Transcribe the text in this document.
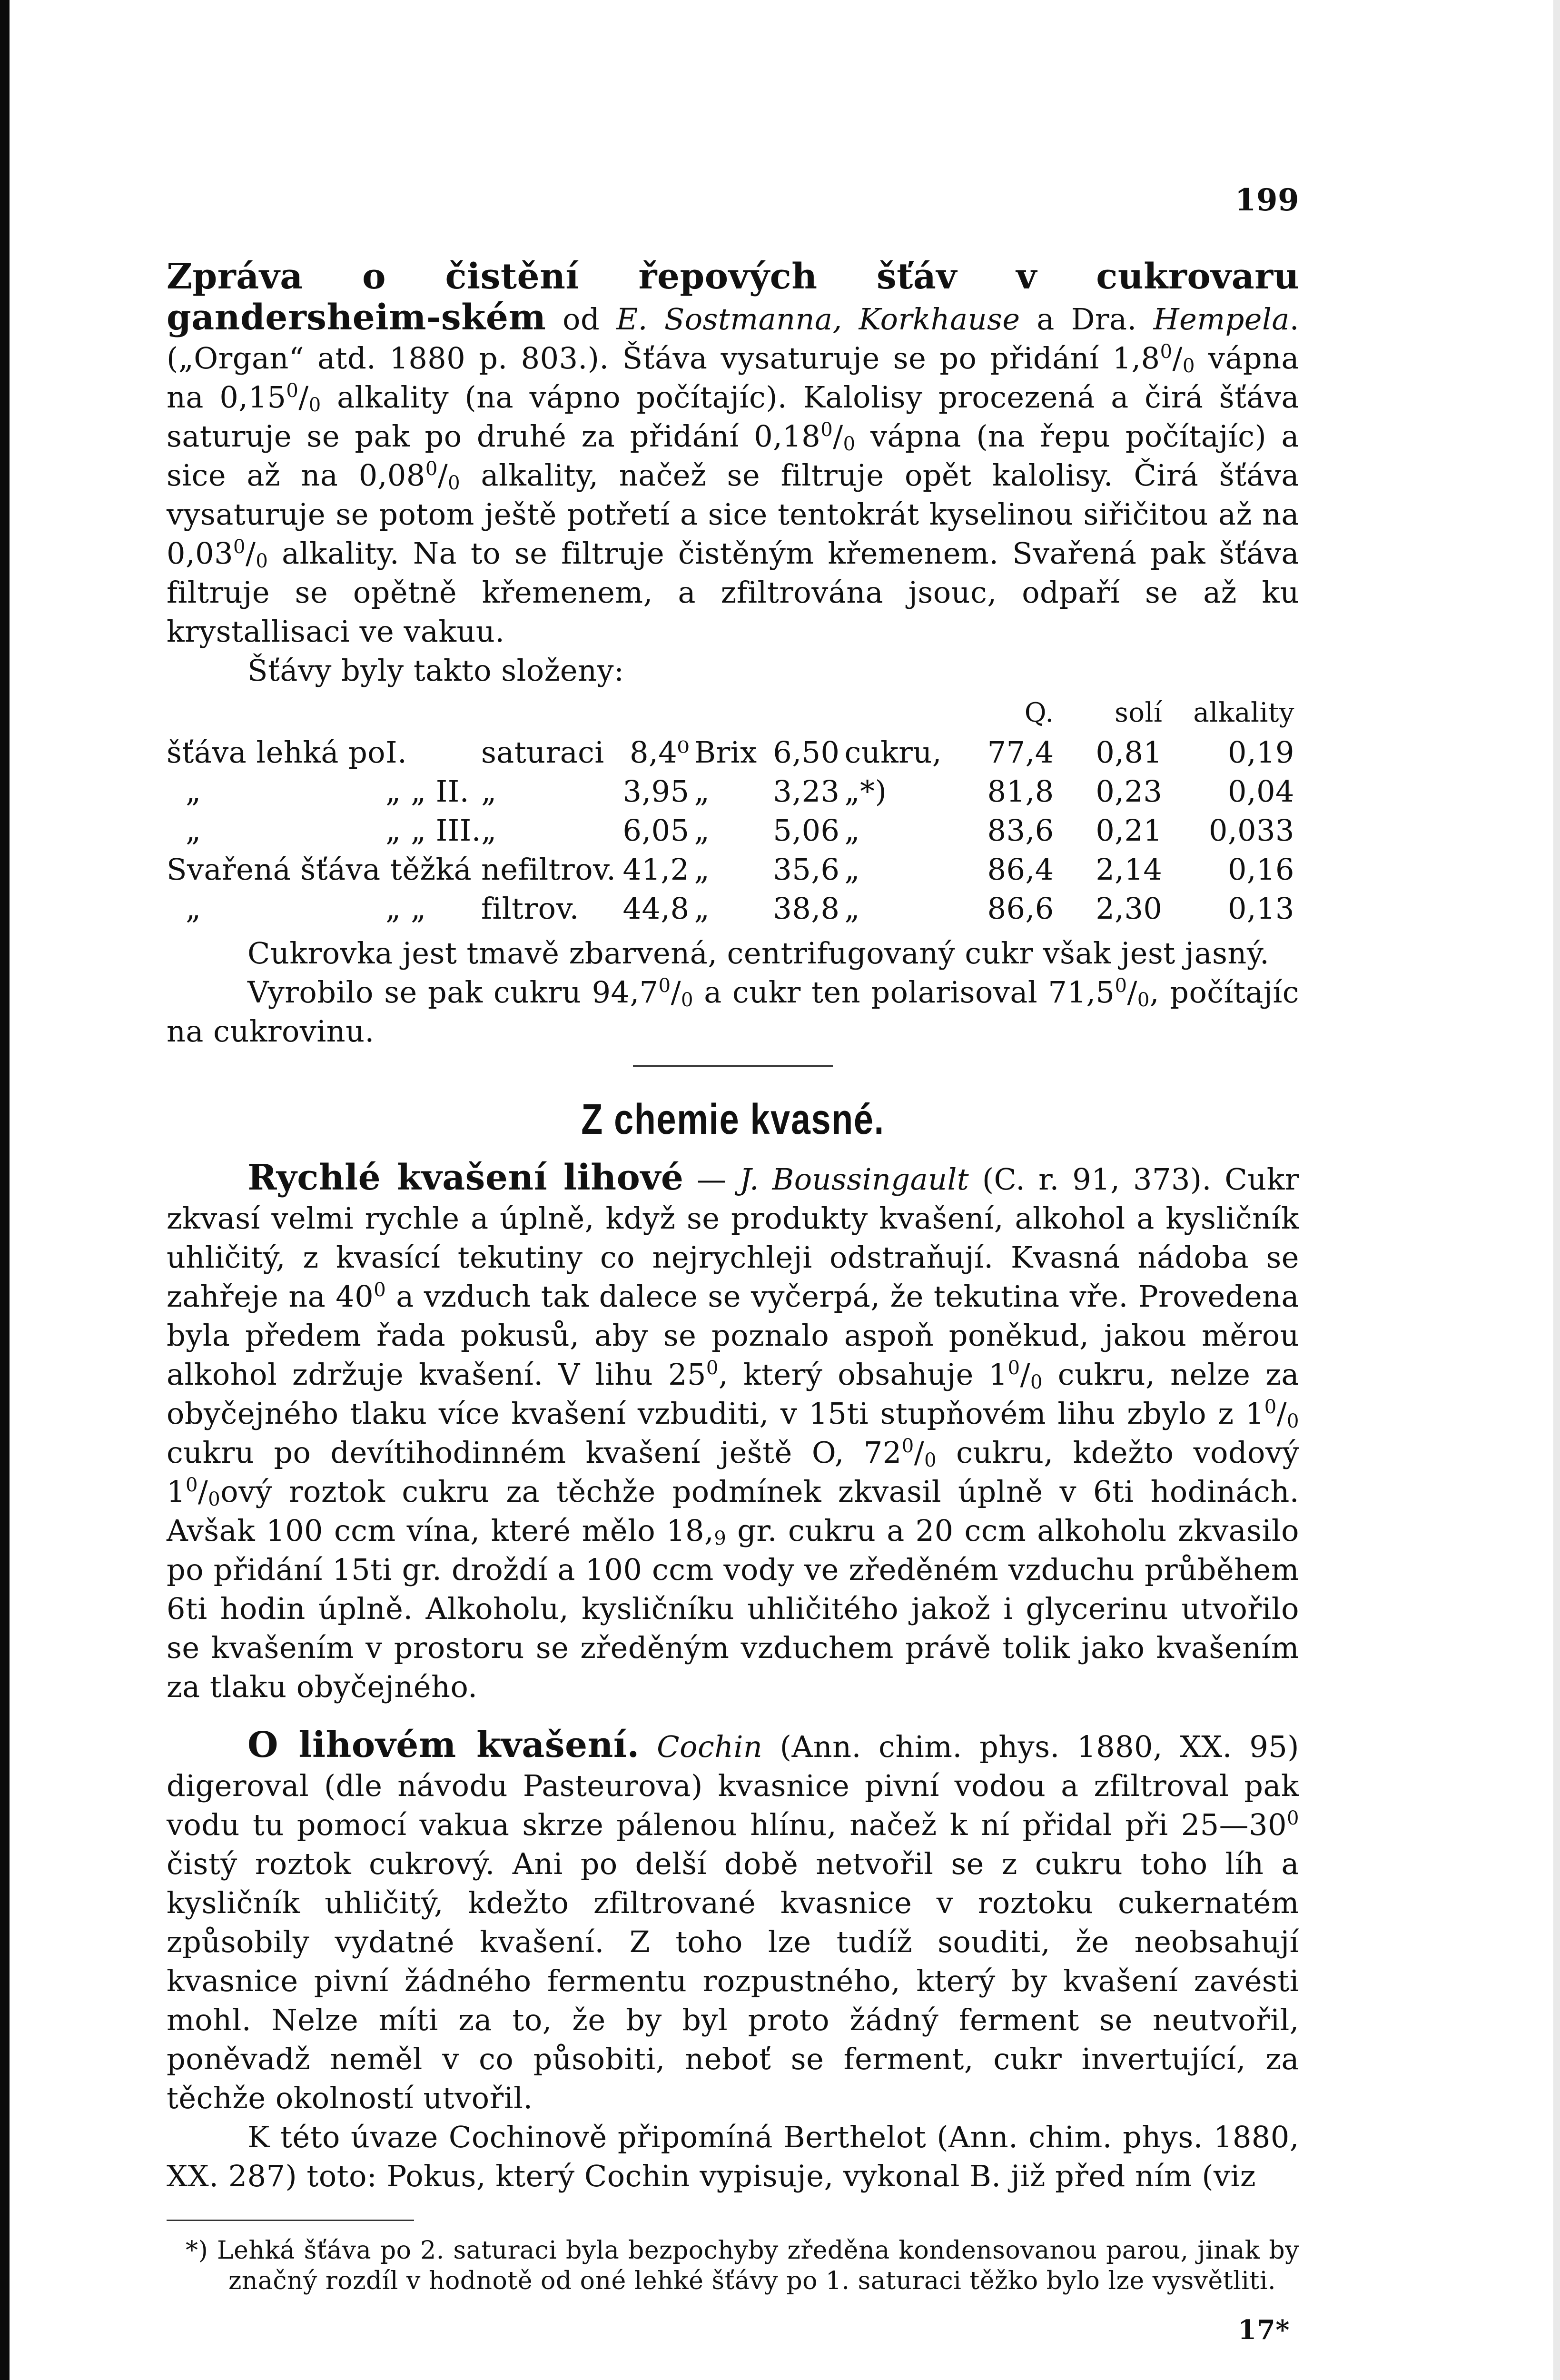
199

Zpráva o čistění řepových šťáv v cukrovaru gandersheim-ském od E. Sostmanna, Korkhause a Dra. Hempela. („Organ“ atd. 1880 p. 803.). Šťáva vysaturuje se po přidání $1,8^0/_0$ vápna na $0,15^0/_0$ alkality (na vápno počítajíc). Kalolisy procezená a čirá šťáva saturuje se pak po druhé za přidání $0,18^0/_0$ vápna (na řepu počítajíc) a sice až na $0,08^0/_0$ alkality, načež se filtruje opět kalolisy. Čirá šťáva vysaturuje se potom ještě potřetí a sice tentokrát kyselinou siřičitou až na $0,03^0/_0$ alkality. Na to se filtruje čistěným křemenem. Svařená pak šťáva filtruje se opětně křemenem, a zfiltrována jsouc, odpaří se až ku krystallisaci ve vakuu.

Šťávy byly takto složeny:

							Q.	solí	alkality
šťáva lehká po	I.	saturaci	8,4⁰	Brix	6,50	cukru,	77,4	0,81	0,19
„	„ „ II.	„	3,95	„	3,23	„*)	81,8	0,23	0,04
„	„ „ III.	„	6,05	„	5,06	„	83,6	0,21	0,033
Svařená šťáva těžká		nefiltrov.	41,2	„	35,6	„	86,4	2,14	0,16
„	„ „	filtrov.	44,8	„	38,8	„	86,6	2,30	0,13

Cukrovka jest tmavě zbarvená, centrifugovaný cukr však jest jasný.

Vyrobilo se pak cukru $94,7^0/_0$ a cukr ten polarisoval $71,5^0/_0$, počítajíc na cukrovinu.

Z chemie kvasné.

Rychlé kvašení lihové — J. Boussingault (C. r. 91, 373). Cukr zkvasí velmi rychle a úplně, když se produkty kvašení, alkohol a kysličník uhličitý, z kvasící tekutiny co nejrychleji odstraňují. Kvasná nádoba se zahřeje na $40^0$ a vzduch tak dalece se vyčerpá, že tekutina vře. Provedena byla předem řada pokusů, aby se poznalo aspoň poněkud, jakou měrou alkohol zdržuje kvašení. V lihu $25^0$, který obsahuje $1^0/_0$ cukru, nelze za obyčejného tlaku více kvašení vzbuditi, v 15ti stupňovém lihu zbylo z $1^0/_0$ cukru po devítihodinném kvašení ještě O, $72^0/_0$ cukru, kdežto vodový $1^0/_0ový$ roztok cukru za těchže podmínek zkvasil úplně v 6ti hodinách. Avšak 100 ccm vína, které mělo $18,_9$ gr. cukru a 20 ccm alkoholu zkvasilo po přidání 15ti gr. droždí a 100 ccm vody ve zředěném vzduchu průběhem 6ti hodin úplně. Alkoholu, kysličníku uhličitého jakož i glycerinu utvořilo se kvašením v prostoru se zředěným vzduchem právě tolik jako kvašením za tlaku obyčejného.

O lihovém kvašení. Cochin (Ann. chim. phys. 1880, XX. 95) digeroval (dle návodu Pasteurova) kvasnice pivní vodou a zfiltroval pak vodu tu pomocí vakua skrze pálenou hlínu, načež k ní přidal při $25—30^0$ čistý roztok cukrový. Ani po delší době netvořil se z cukru toho líh a kysličník uhličitý, kdežto zfiltrované kvasnice v roztoku cukernatém způsobily vydatné kvašení. Z toho lze tudíž souditi, že neobsahují kvasnice pivní žádného fermentu rozpustného, který by kvašení zavésti mohl. Nelze míti za to, že by byl proto žádný ferment se neutvořil, poněvadž neměl v co působiti, neboť se ferment, cukr invertující, za těchže okolností utvořil.

K této úvaze Cochinově připomíná Berthelot (Ann. chim. phys. 1880, XX. 287) toto: Pokus, který Cochin vypisuje, vykonal B. již před ním (viz

*) Lehká šťáva po 2. saturaci byla bezpochyby zředěna kondensovanou parou, jinak by značný rozdíl v hodnotě od oné lehké šťávy po 1. saturaci těžko bylo lze vysvětliti.

17*
